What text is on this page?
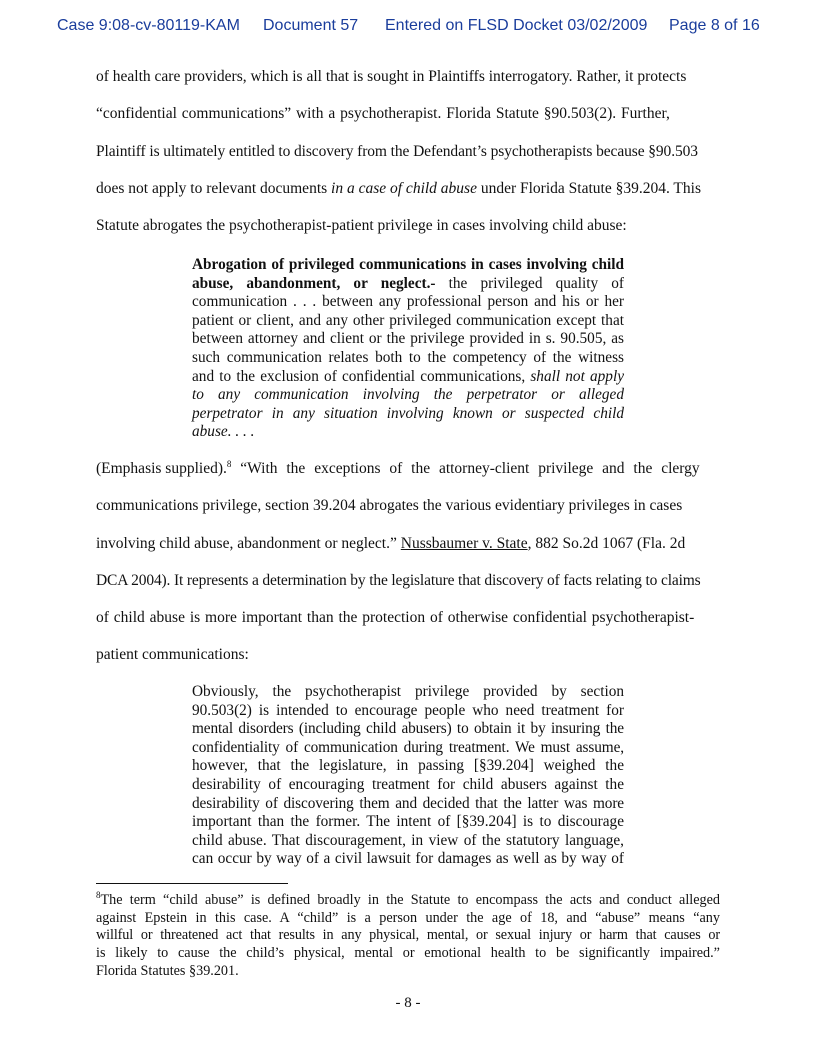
Case 9:08-cv-80119-KAM Document 57 Entered on FLSD Docket 03/02/2009 Page 8 of 16
of health care providers, which is all that is sought in Plaintiffs interrogatory. Rather, it protects
“confidential communications” with a psychotherapist. Florida Statute §90.503(2). Further,
Plaintiff is ultimately entitled to discovery from the Defendant’s psychotherapists because §90.503
does not apply to relevant documents in a case of child abuse under Florida Statute §39.204. This
Statute abrogates the psychotherapist-patient privilege in cases involving child abuse:
Abrogation of privileged communications in cases involving child
abuse, abandonment, or neglect.- the privileged quality of
communication . . . between any professional person and his or her
patient or client, and any other privileged communication except that
between attorney and client or the privilege provided in s. 90.505, as
such communication relates both to the competency of the witness
and to the exclusion of confidential communications, shall not apply
to any communication involving the perpetrator or alleged
perpetrator in any situation involving known or suspected child
abuse. . . .
(Emphasis supplied).$^8$ “With the exceptions of the attorney-client privilege and the clergy
communications privilege, section 39.204 abrogates the various evidentiary privileges in cases
involving child abuse, abandonment or neglect.” Nussbaumer v. State, 882 So.2d 1067 (Fla. 2d
DCA 2004). It represents a determination by the legislature that discovery of facts relating to claims
of child abuse is more important than the protection of otherwise confidential psychotherapist-
patient communications:
Obviously, the psychotherapist privilege provided by section
90.503(2) is intended to encourage people who need treatment for
mental disorders (including child abusers) to obtain it by insuring the
confidentiality of communication during treatment. We must assume,
however, that the legislature, in passing [§39.204] weighed the
desirability of encouraging treatment for child abusers against the
desirability of discovering them and decided that the latter was more
important than the former. The intent of [§39.204] is to discourage
child abuse. That discouragement, in view of the statutory language,
can occur by way of a civil lawsuit for damages as well as by way of
$^8$The term “child abuse” is defined broadly in the Statute to encompass the acts and conduct alleged
against Epstein in this case. A “child” is a person under the age of 18, and “abuse” means “any
willful or threatened act that results in any physical, mental, or sexual injury or harm that causes or
is likely to cause the child’s physical, mental or emotional health to be significantly impaired.”
Florida Statutes §39.201.
- 8 -
